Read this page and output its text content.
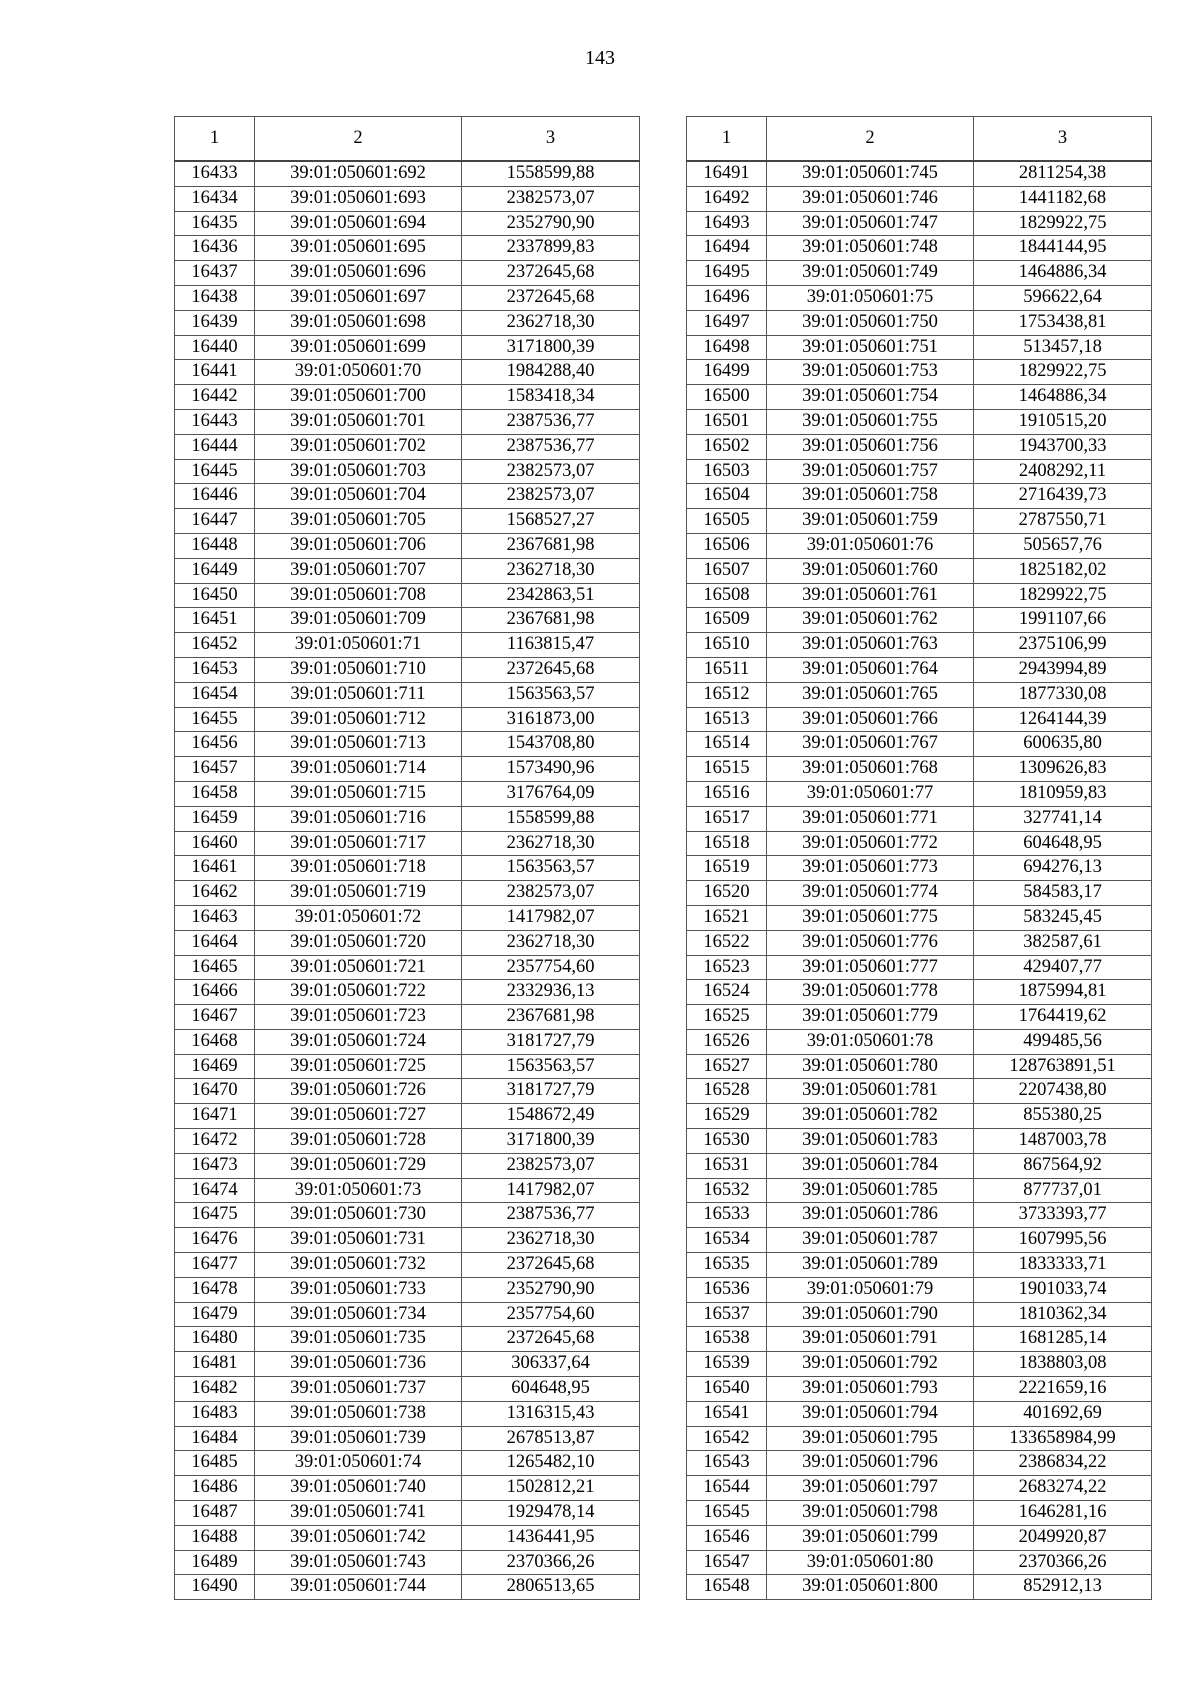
143
1	2	3
16433	39:01:050601:692	1558599,88
16434	39:01:050601:693	2382573,07
16435	39:01:050601:694	2352790,90
16436	39:01:050601:695	2337899,83
16437	39:01:050601:696	2372645,68
16438	39:01:050601:697	2372645,68
16439	39:01:050601:698	2362718,30
16440	39:01:050601:699	3171800,39
16441	39:01:050601:70	1984288,40
16442	39:01:050601:700	1583418,34
16443	39:01:050601:701	2387536,77
16444	39:01:050601:702	2387536,77
16445	39:01:050601:703	2382573,07
16446	39:01:050601:704	2382573,07
16447	39:01:050601:705	1568527,27
16448	39:01:050601:706	2367681,98
16449	39:01:050601:707	2362718,30
16450	39:01:050601:708	2342863,51
16451	39:01:050601:709	2367681,98
16452	39:01:050601:71	1163815,47
16453	39:01:050601:710	2372645,68
16454	39:01:050601:711	1563563,57
16455	39:01:050601:712	3161873,00
16456	39:01:050601:713	1543708,80
16457	39:01:050601:714	1573490,96
16458	39:01:050601:715	3176764,09
16459	39:01:050601:716	1558599,88
16460	39:01:050601:717	2362718,30
16461	39:01:050601:718	1563563,57
16462	39:01:050601:719	2382573,07
16463	39:01:050601:72	1417982,07
16464	39:01:050601:720	2362718,30
16465	39:01:050601:721	2357754,60
16466	39:01:050601:722	2332936,13
16467	39:01:050601:723	2367681,98
16468	39:01:050601:724	3181727,79
16469	39:01:050601:725	1563563,57
16470	39:01:050601:726	3181727,79
16471	39:01:050601:727	1548672,49
16472	39:01:050601:728	3171800,39
16473	39:01:050601:729	2382573,07
16474	39:01:050601:73	1417982,07
16475	39:01:050601:730	2387536,77
16476	39:01:050601:731	2362718,30
16477	39:01:050601:732	2372645,68
16478	39:01:050601:733	2352790,90
16479	39:01:050601:734	2357754,60
16480	39:01:050601:735	2372645,68
16481	39:01:050601:736	306337,64
16482	39:01:050601:737	604648,95
16483	39:01:050601:738	1316315,43
16484	39:01:050601:739	2678513,87
16485	39:01:050601:74	1265482,10
16486	39:01:050601:740	1502812,21
16487	39:01:050601:741	1929478,14
16488	39:01:050601:742	1436441,95
16489	39:01:050601:743	2370366,26
16490	39:01:050601:744	2806513,65
1	2	3
16491	39:01:050601:745	2811254,38
16492	39:01:050601:746	1441182,68
16493	39:01:050601:747	1829922,75
16494	39:01:050601:748	1844144,95
16495	39:01:050601:749	1464886,34
16496	39:01:050601:75	596622,64
16497	39:01:050601:750	1753438,81
16498	39:01:050601:751	513457,18
16499	39:01:050601:753	1829922,75
16500	39:01:050601:754	1464886,34
16501	39:01:050601:755	1910515,20
16502	39:01:050601:756	1943700,33
16503	39:01:050601:757	2408292,11
16504	39:01:050601:758	2716439,73
16505	39:01:050601:759	2787550,71
16506	39:01:050601:76	505657,76
16507	39:01:050601:760	1825182,02
16508	39:01:050601:761	1829922,75
16509	39:01:050601:762	1991107,66
16510	39:01:050601:763	2375106,99
16511	39:01:050601:764	2943994,89
16512	39:01:050601:765	1877330,08
16513	39:01:050601:766	1264144,39
16514	39:01:050601:767	600635,80
16515	39:01:050601:768	1309626,83
16516	39:01:050601:77	1810959,83
16517	39:01:050601:771	327741,14
16518	39:01:050601:772	604648,95
16519	39:01:050601:773	694276,13
16520	39:01:050601:774	584583,17
16521	39:01:050601:775	583245,45
16522	39:01:050601:776	382587,61
16523	39:01:050601:777	429407,77
16524	39:01:050601:778	1875994,81
16525	39:01:050601:779	1764419,62
16526	39:01:050601:78	499485,56
16527	39:01:050601:780	128763891,51
16528	39:01:050601:781	2207438,80
16529	39:01:050601:782	855380,25
16530	39:01:050601:783	1487003,78
16531	39:01:050601:784	867564,92
16532	39:01:050601:785	877737,01
16533	39:01:050601:786	3733393,77
16534	39:01:050601:787	1607995,56
16535	39:01:050601:789	1833333,71
16536	39:01:050601:79	1901033,74
16537	39:01:050601:790	1810362,34
16538	39:01:050601:791	1681285,14
16539	39:01:050601:792	1838803,08
16540	39:01:050601:793	2221659,16
16541	39:01:050601:794	401692,69
16542	39:01:050601:795	133658984,99
16543	39:01:050601:796	2386834,22
16544	39:01:050601:797	2683274,22
16545	39:01:050601:798	1646281,16
16546	39:01:050601:799	2049920,87
16547	39:01:050601:80	2370366,26
16548	39:01:050601:800	852912,13
